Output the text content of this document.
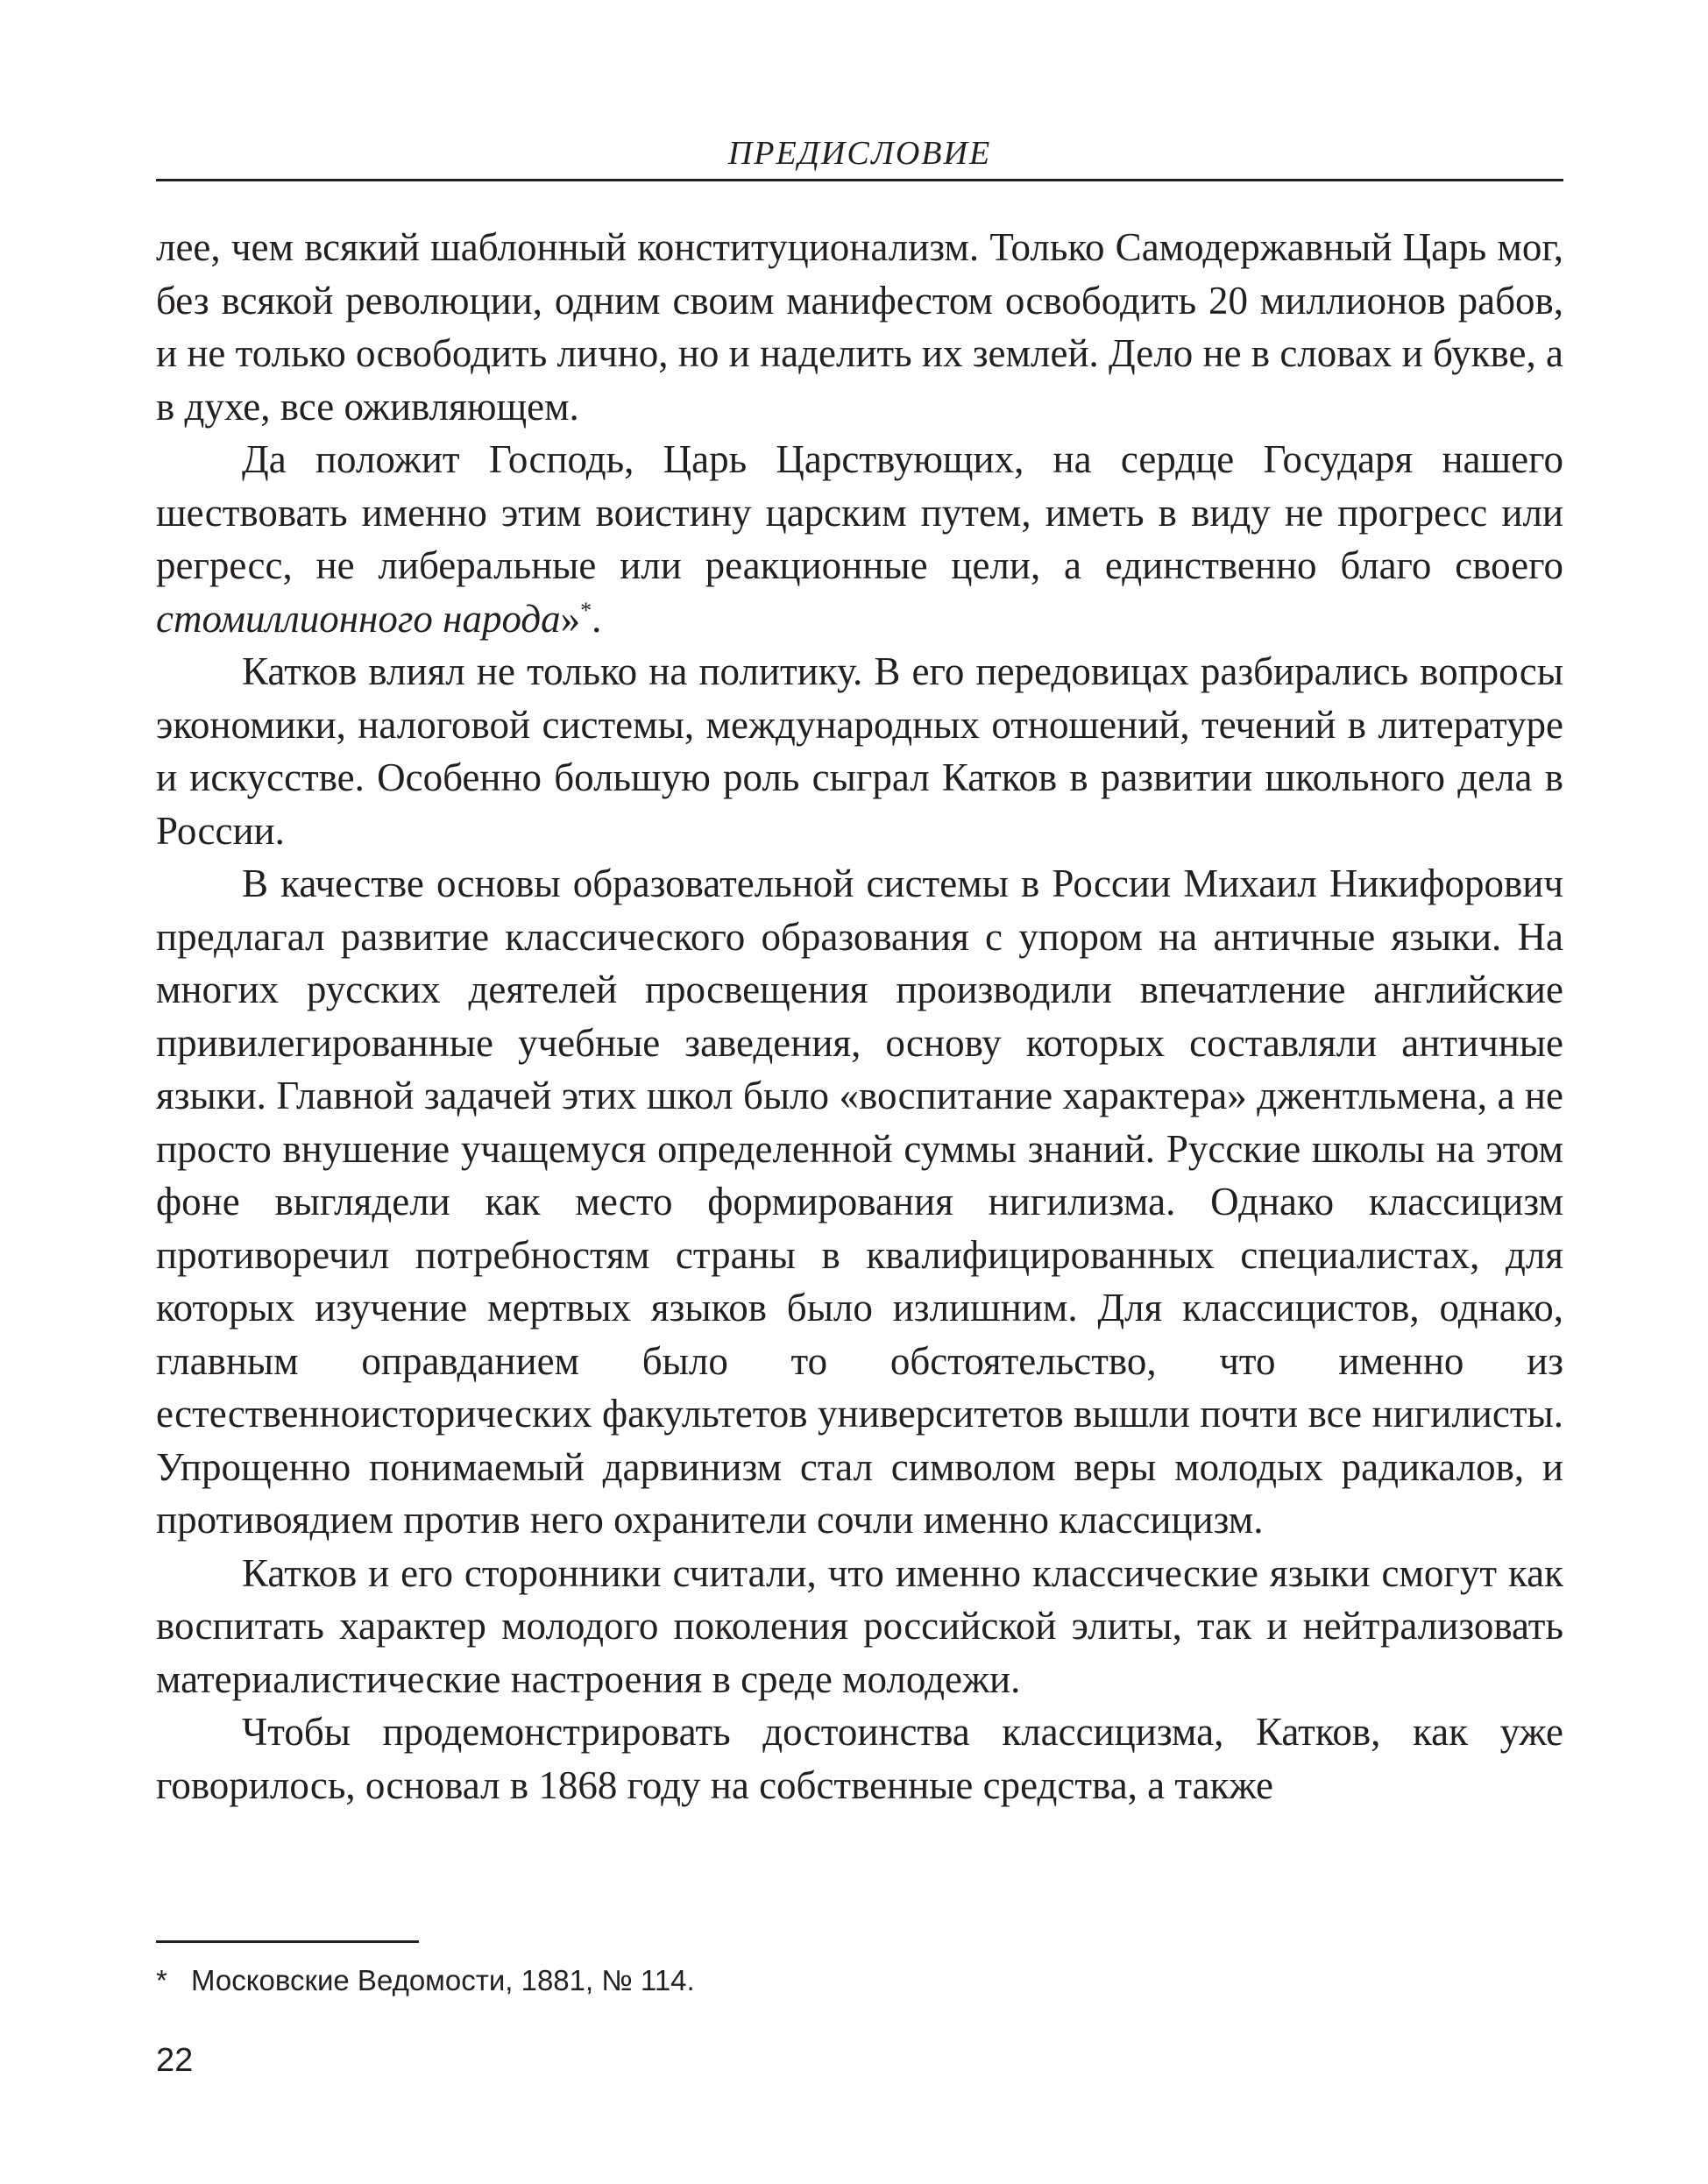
ПРЕДИСЛОВИЕ

лее, чем всякий шаблонный конституционализм. Только Самодержавный Царь мог, без всякой революции, одним своим манифестом освободить 20 миллионов рабов, и не только освободить лично, но и наделить их землей. Дело не в словах и букве, а в духе, все оживляющем.

Да положит Господь, Царь Царствующих, на сердце Государя нашего шествовать именно этим воистину царским путем, иметь в виду не прогресс или регресс, не либеральные или реакционные цели, а единственно благо своего стомиллионного народа»*.

Катков влиял не только на политику. В его передовицах разбирались вопросы экономики, налоговой системы, международных отношений, течений в литературе и искусстве. Особенно большую роль сыграл Катков в развитии школьного дела в России.

В качестве основы образовательной системы в России Михаил Никифорович предлагал развитие классического образования с упором на античные языки. На многих русских деятелей просвещения производили впечатление английские привилегированные учебные заведения, основу которых составляли античные языки. Главной задачей этих школ было «воспитание характера» джентльмена, а не просто внушение учащемуся определенной суммы знаний. Русские школы на этом фоне выглядели как место формирования нигилизма. Однако классицизм противоречил потребностям страны в квалифицированных специалистах, для которых изучение мертвых языков было излишним. Для классицистов, однако, главным оправданием было то обстоятельство, что именно из естественноисторических факультетов университетов вышли почти все нигилисты. Упрощенно понимаемый дарвинизм стал символом веры молодых радикалов, и противоядием против него охранители сочли именно классицизм.

Катков и его сторонники считали, что именно классические языки смогут как воспитать характер молодого поколения российской элиты, так и нейтрализовать материалистические настроения в среде молодежи.

Чтобы продемонстрировать достоинства классицизма, Катков, как уже говорилось, основал в 1868 году на собственные средства, а также

* Московские Ведомости, 1881, № 114.
22
